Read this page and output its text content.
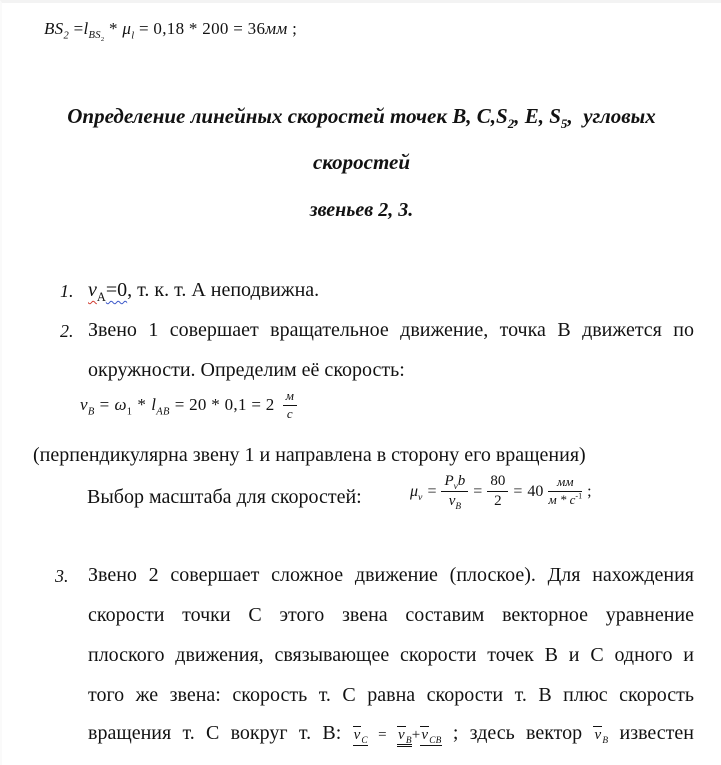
$BS_2 =l_{BS_2} * \mu_l = 0,18 * 200 = 36мм$ ;
Определение линейных скоростей точек В, $С,S_2$, Е, $S_5$,  угловых
скоростей
звеньев 2, 3.
1. $v_A=0$, т. к. т. А неподвижна.
2. Звено 1 совершает вращательное движение, точка В движется по
окружности. Определим её скорость:
$v_B = \omega_1 * l_{AB} = 20 * 0,1 = 2 \frac{м}{с}$
(перпендикулярна звену 1 и направлена в сторону его вращения)
Выбор масштаба для скоростей:	$\mu_v = \frac{P_vb}{v_B} = \frac{80}{2} = 40 \frac{мм}{м * с^{-1}}$ ;
3. Звено 2 совершает сложное движение (плоское). Для нахождения
скорости точки С этого звена составим векторное уравнение
плоского движения, связывающее скорости точек В и С одного и
того же звена: скорость т. С равна скорости т. В плюс скорость
вращения т. С вокруг т. В: $v_C = v_B+v_{CB}$ ; здесь вектор $v_B$ известен
